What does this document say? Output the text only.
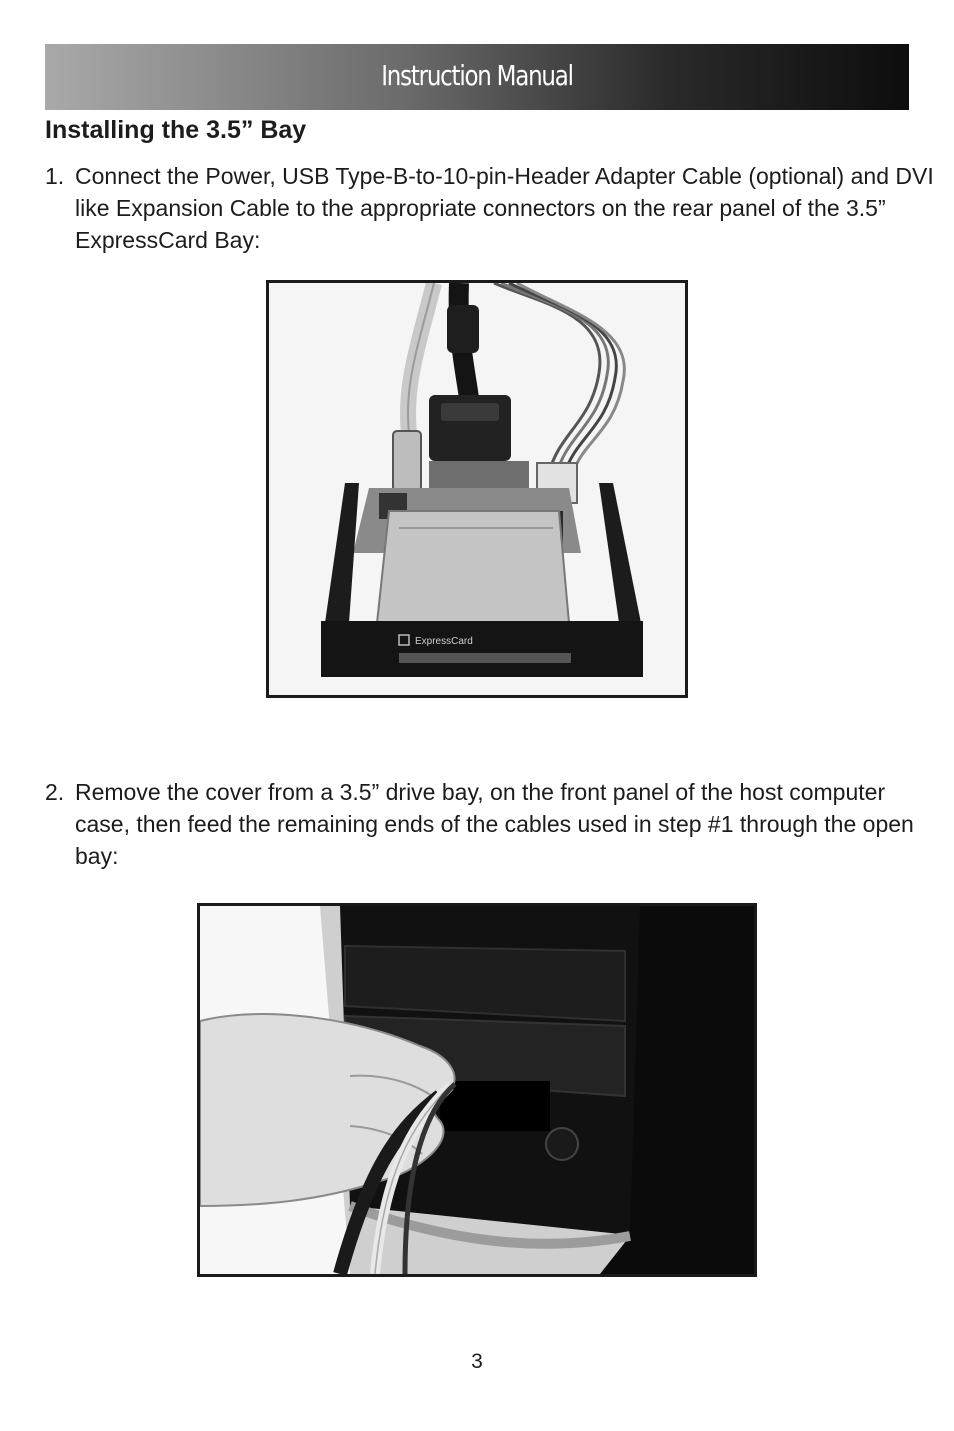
Instruction Manual
Installing the 3.5” Bay
1. Connect the Power, USB Type-B-to-10-pin-Header Adapter Cable (optional) and DVI like Expansion Cable to the appropriate connectors on the rear panel of the 3.5” ExpressCard Bay:
ExpressCard
2. Remove the cover from a 3.5” drive bay, on the front panel of the host computer case, then feed the remaining ends of the cables used in step #1 through the open bay:
3
